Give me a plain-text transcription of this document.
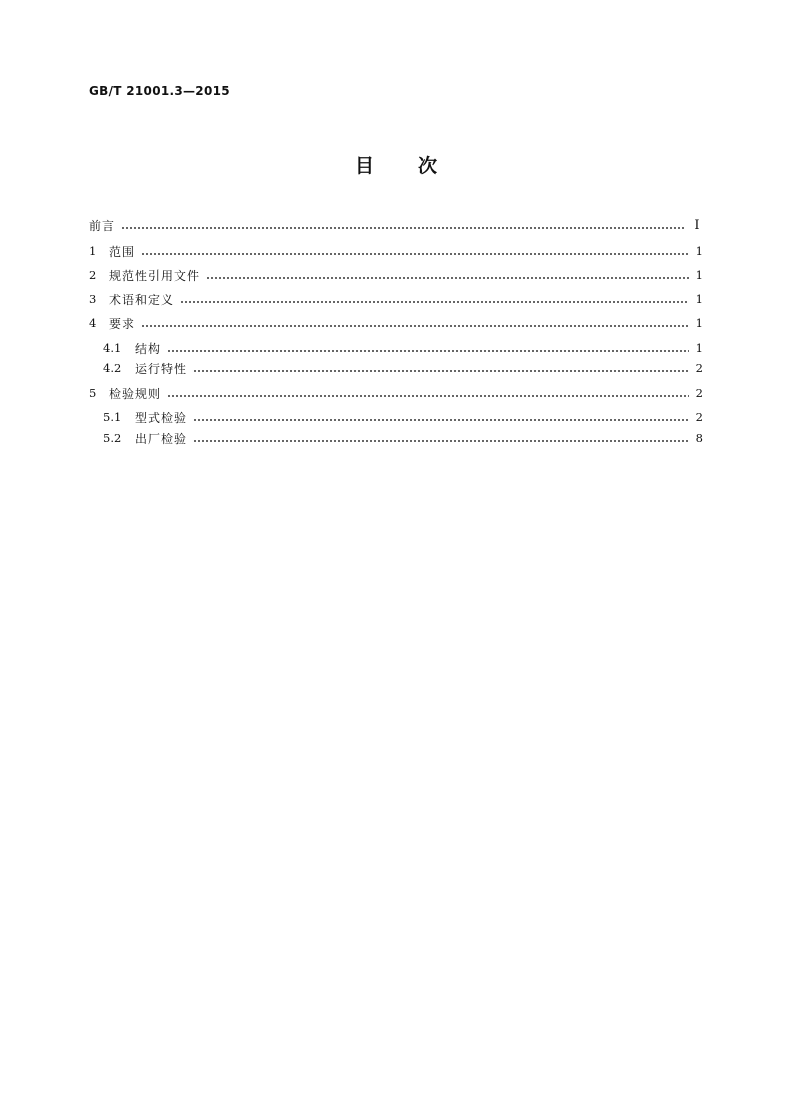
GB/T 21001.3—2015
目 次
前言	Ⅰ
1	范围	1
2	规范性引用文件	1
3	术语和定义	1
4	要求	1
4.1	结构	1
4.2	运行特性	2
5	检验规则	2
5.1	型式检验	2
5.2	出厂检验	8
